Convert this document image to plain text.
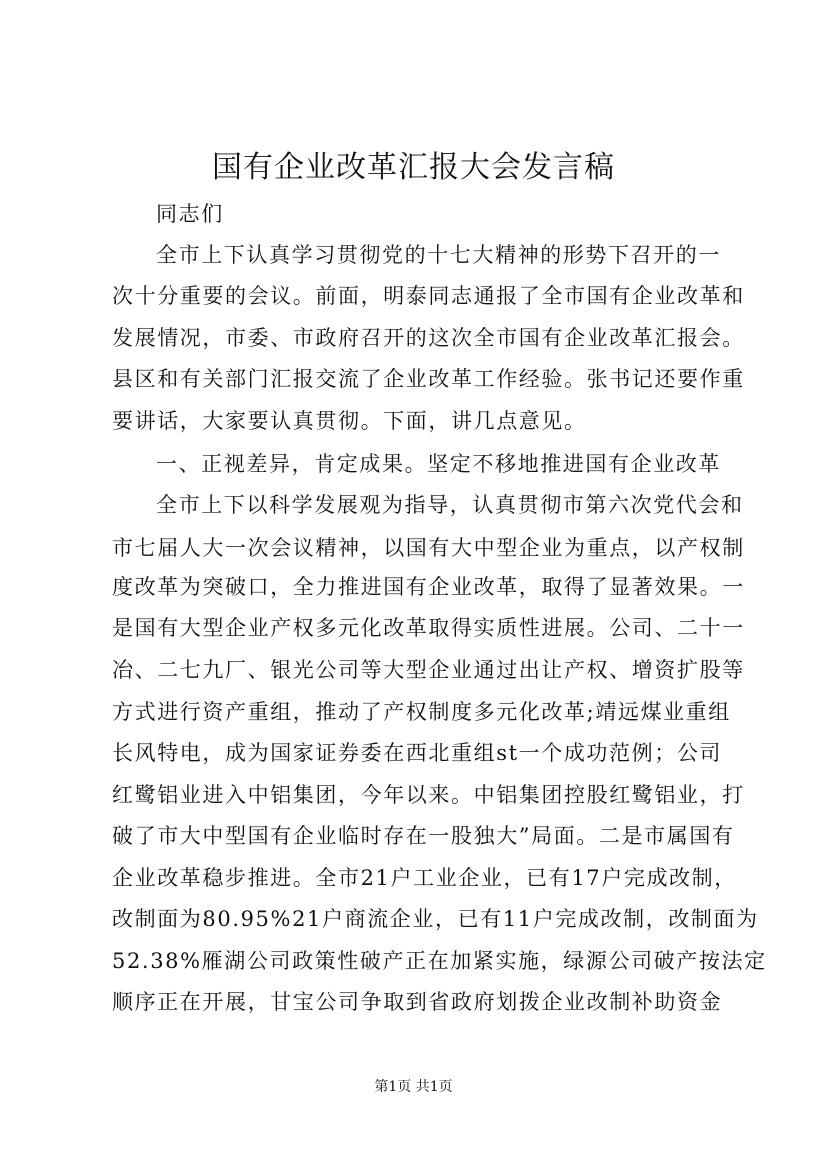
国有企业改革汇报大会发言稿
同志们
全市上下认真学习贯彻党的十七大精神的形势下召开的一
次十分重要的会议。前面，明泰同志通报了全市国有企业改革和
发展情况，市委、市政府召开的这次全市国有企业改革汇报会。
县区和有关部门汇报交流了企业改革工作经验。张书记还要作重
要讲话，大家要认真贯彻。下面，讲几点意见。
一、正视差异，肯定成果。坚定不移地推进国有企业改革
全市上下以科学发展观为指导，认真贯彻市第六次党代会和
市七届人大一次会议精神，以国有大中型企业为重点，以产权制
度改革为突破口，全力推进国有企业改革，取得了显著效果。一
是国有大型企业产权多元化改革取得实质性进展。公司、二十一
冶、二七九厂、银光公司等大型企业通过出让产权、增资扩股等
方式进行资产重组，推动了产权制度多元化改革;靖远煤业重组
长风特电，成为国家证券委在西北重组st一个成功范例；公司
红鹭铝业进入中铝集团，今年以来。中铝集团控股红鹭铝业，打
破了市大中型国有企业临时存在一股独大”局面。二是市属国有
企业改革稳步推进。全市21户工业企业，已有17户完成改制，
改制面为80.95%21户商流企业，已有11户完成改制，改制面为
52.38%雁湖公司政策性破产正在加紧实施，绿源公司破产按法定
顺序正在开展，甘宝公司争取到省政府划拨企业改制补助资金
第1页 共1页
